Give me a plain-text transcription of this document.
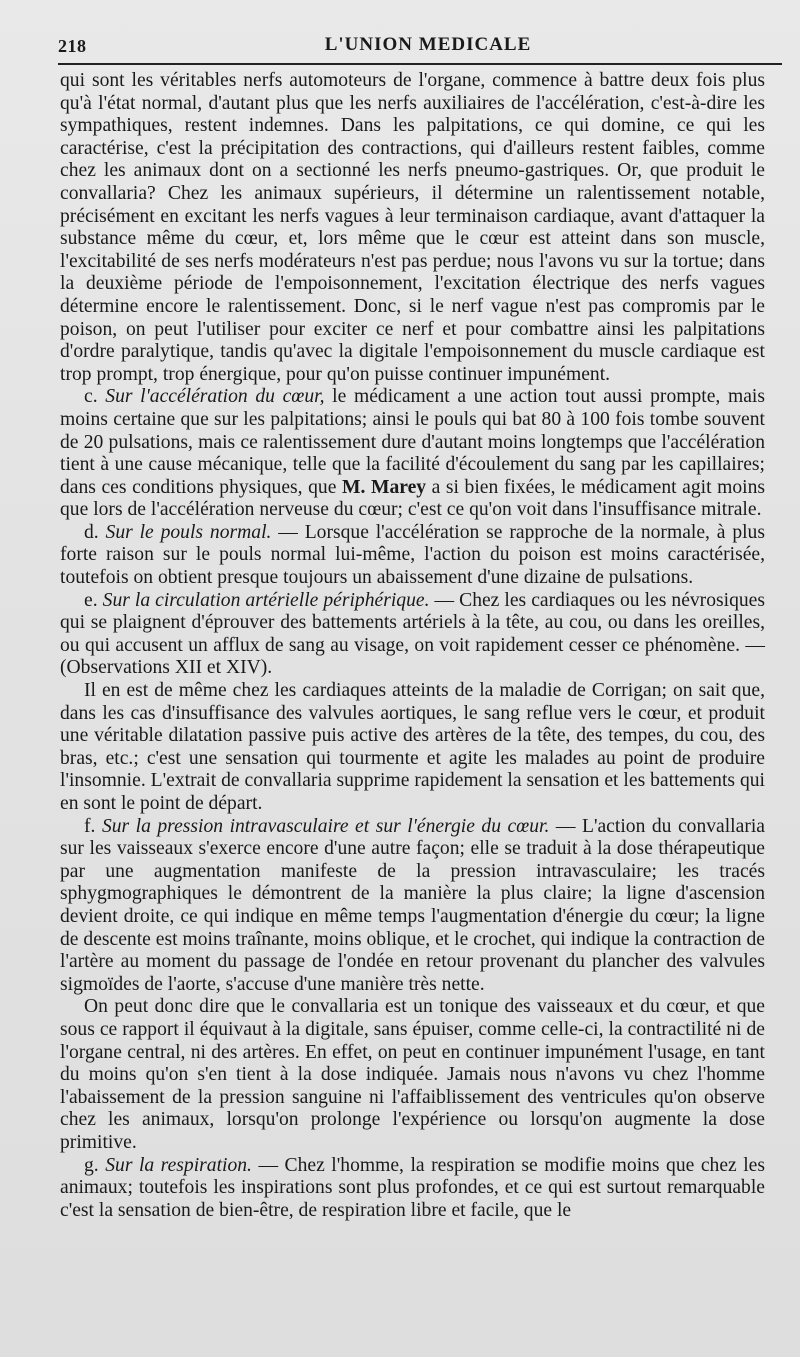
218	L'UNION MEDICALE

qui sont les véritables nerfs automoteurs de l'organe, commence à battre deux fois plus qu'à l'état normal, d'autant plus que les nerfs auxiliaires de l'accélération, c'est-à-dire les sympathiques, restent indemnes. Dans les palpitations, ce qui domine, ce qui les caractérise, c'est la précipitation des contractions, qui d'ailleurs restent faibles, comme chez les animaux dont on a sectionné les nerfs pneumo-gastriques. Or, que produit le convallaria? Chez les animaux supérieurs, il détermine un ralentissement notable, précisément en excitant les nerfs vagues à leur terminaison cardiaque, avant d'attaquer la substance même du cœur, et, lors même que le cœur est atteint dans son muscle, l'excitabilité de ses nerfs modérateurs n'est pas perdue; nous l'avons vu sur la tortue; dans la deuxième période de l'empoisonnement, l'excitation électrique des nerfs vagues détermine encore le ralentissement. Donc, si le nerf vague n'est pas compromis par le poison, on peut l'utiliser pour exciter ce nerf et pour combattre ainsi les palpitations d'ordre paralytique, tandis qu'avec la digitale l'empoisonnement du muscle cardiaque est trop prompt, trop énergique, pour qu'on puisse continuer impunément.

c. Sur l'accélération du cœur, le médicament a une action tout aussi prompte, mais moins certaine que sur les palpitations; ainsi le pouls qui bat 80 à 100 fois tombe souvent de 20 pulsations, mais ce ralentissement dure d'autant moins longtemps que l'accélération tient à une cause mécanique, telle que la facilité d'écoulement du sang par les capillaires; dans ces conditions physiques, que M. Marey a si bien fixées, le médicament agit moins que lors de l'accélération nerveuse du cœur; c'est ce qu'on voit dans l'insuffisance mitrale.

d. Sur le pouls normal. — Lorsque l'accélération se rapproche de la normale, à plus forte raison sur le pouls normal lui-même, l'action du poison est moins caractérisée, toutefois on obtient presque toujours un abaissement d'une dizaine de pulsations.

e. Sur la circulation artérielle périphérique. — Chez les cardiaques ou les névrosiques qui se plaignent d'éprouver des battements artériels à la tête, au cou, ou dans les oreilles, ou qui accusent un afflux de sang au visage, on voit rapidement cesser ce phénomène. — (Observations XII et XIV).

Il en est de même chez les cardiaques atteints de la maladie de Corrigan; on sait que, dans les cas d'insuffisance des valvules aortiques, le sang reflue vers le cœur, et produit une véritable dilatation passive puis active des artères de la tête, des tempes, du cou, des bras, etc.; c'est une sensation qui tourmente et agite les malades au point de produire l'insomnie. L'extrait de convallaria supprime rapidement la sensation et les battements qui en sont le point de départ.

f. Sur la pression intravasculaire et sur l'énergie du cœur. — L'action du convallaria sur les vaisseaux s'exerce encore d'une autre façon; elle se traduit à la dose thérapeutique par une augmentation manifeste de la pression intravasculaire; les tracés sphygmographiques le démontrent de la manière la plus claire; la ligne d'ascension devient droite, ce qui indique en même temps l'augmentation d'énergie du cœur; la ligne de descente est moins traînante, moins oblique, et le crochet, qui indique la contraction de l'artère au moment du passage de l'ondée en retour provenant du plancher des valvules sigmoïdes de l'aorte, s'accuse d'une manière très nette.

On peut donc dire que le convallaria est un tonique des vaisseaux et du cœur, et que sous ce rapport il équivaut à la digitale, sans épuiser, comme celle-ci, la contractilité ni de l'organe central, ni des artères. En effet, on peut en continuer impunément l'usage, en tant du moins qu'on s'en tient à la dose indiquée. Jamais nous n'avons vu chez l'homme l'abaissement de la pression sanguine ni l'affaiblissement des ventricules qu'on observe chez les animaux, lorsqu'on prolonge l'expérience ou lorsqu'on augmente la dose primitive.

g. Sur la respiration. — Chez l'homme, la respiration se modifie moins que chez les animaux; toutefois les inspirations sont plus profondes, et ce qui est surtout remarquable c'est la sensation de bien-être, de respiration libre et facile, que le
